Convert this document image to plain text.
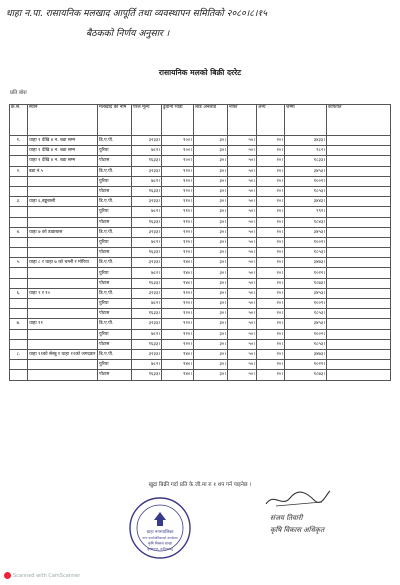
धाहा न.पा. रासायनिक मलखाद आपूर्ति तथा व्यवस्थापन समितिको २०८०।८।१५
बैठकको निर्णय अनुसार ।
रासायनिक मलको बिक्री दररेट
प्रति बोरा
क्र.स.	स्थान	मलखाद को नाम	परल मूल्य	ढुवानी भाडा	लोड अनलोड	नाफा	अन्य	जम्मा	कैफियत
१.	धाहा १ देखि ४ न. बडा सम्म	डि.ए.पी.	३२३३।	१००।	३०।	५०।	२०।	३४३३।	
	धाहा १ देखि ४ न. बडा सम्म	युरिया	७८२।	१००।	३०।	५०।	२०।	९८२।	
	धाहा १ देखि ४ न. बडा सम्म	पोटास	१६३३।	१००।	३०।	५०।	२०।	१८३३।	
२.	बडा नं.५	डि.ए.पी.	३२३३।	१२०।	३०।	५०।	२०।	३४५३।	
		युरिया	७८२।	१२०।	३०।	५०।	२०।	१००२।	
		पोटास	१६३३।	१२०।	३०।	५०।	२०।	१८५३।	
३.	धाहा ६,बड्डबासी	डि.ए.पी.	३२३३।	११०।	३०।	५०।	२०।	३४४३।	
		युरिया	७८२।	११०।	३०।	५०।	२०।	९९२।	
		पोटास	१६३३।	११०।	३०।	५०।	२०।	१८४३।	
४.	धाहा ७ को डाडाबास	डि.ए.पी.	३२३३।	१२०।	३०।	५०।	२०।	३४५३।	
		युरिया	७८२।	१२०।	३०।	५०।	२०।	१००२।	
		पोटास	१६३३।	१२०।	३०।	५०।	२०।	१८५३।	
५.	धाहा ८ र धाहा ७ को चम्ली र मोरिया	डि.ए.पी.	३२३३।	१४०।	३०।	५०।	२०।	३४७३।	
		युरिया	७८२।	१४०।	३०।	५०।	२०।	१०२२।	
		पोटास	१६३३।	१४०।	३०।	५०।	२०।	१८७३।	
६.	धाहा ९ र १०	डि.ए.पी.	३२३३।	१२०।	३०।	५०।	२०।	३४५३।	
		युरिया	७८२।	१२०।	३०।	५०।	२०।	१००२।	
		पोटास	१६३३।	१२०।	३०।	५०।	२०।	१८५३।	
७.	धाहा ११	डि.ए.पी.	३२३३।	१२०।	३०।	५०।	२०।	३४५३।	
		युरिया	७८२।	१२०।	३०।	५०।	२०।	१००२।	
		पोटास	१६३३।	१२०।	३०।	५०।	२०।	१८५३।	
८.	धाहा ११को सेस्बु र धाहा १२को जगदडार	डि.ए.पी.	३२३३।	१४०।	३०।	५०।	२०।	३४७३।	
		युरिया	७८२।	१४०।	३०।	५०।	२०।	१०२२।	
		पोटास	१६३३।	१४०।	३०।	५०।	२०।	१८७३।	
खुद्रा बिक्री गर्दा प्रति के.जी.मा रु १ थप गर्न पाइनेछ ।
धाहा नगरपालिका
नगर कार्यपालिकाको कार्यालय
कृषि विकास शाखा
कृष्णनगर, कपिलवस्तु
संजय तिवारी
कृषि विकास अधिकृत
Scanned with CamScanner
